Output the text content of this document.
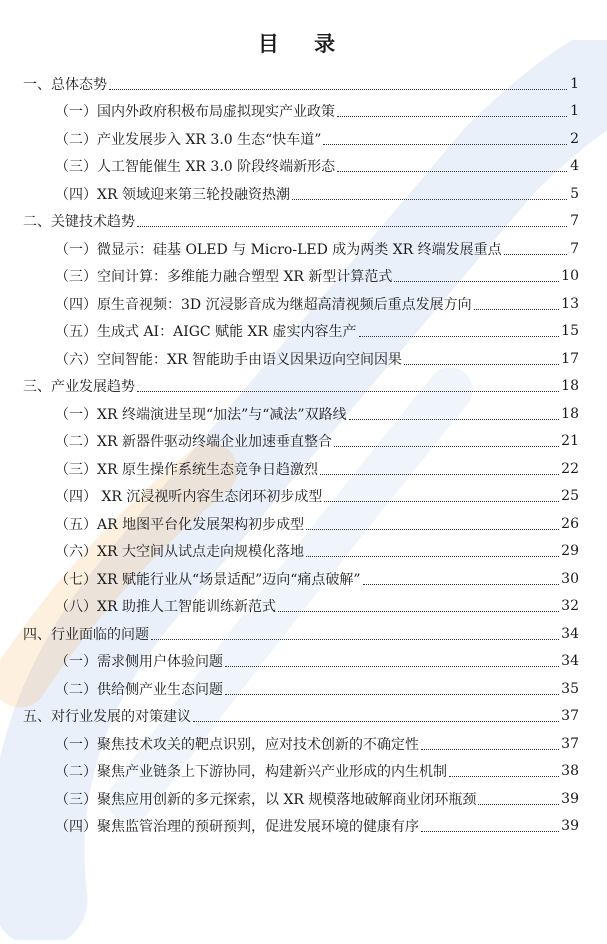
目 录
一、总体态势	1
（一）国内外政府积极布局虚拟现实产业政策	1
（二）产业发展步入 XR 3.0 生态“快车道”	2
（三）人工智能催生 XR 3.0 阶段终端新形态	4
（四）XR 领域迎来第三轮投融资热潮	5
二、关键技术趋势	7
（一）微显示：硅基 OLED 与 Micro-LED 成为两类 XR 终端发展重点	7
（三）空间计算：多维能力融合塑型 XR 新型计算范式	10
（四）原生音视频：3D 沉浸影音成为继超高清视频后重点发展方向	13
（五）生成式 AI：AIGC 赋能 XR 虚实内容生产	15
（六）空间智能：XR 智能助手由语义因果迈向空间因果	17
三、产业发展趋势	18
（一）XR 终端演进呈现“加法”与“减法”双路线	18
（二）XR 新器件驱动终端企业加速垂直整合	21
（三）XR 原生操作系统生态竞争日趋激烈	22
（四） XR 沉浸视听内容生态闭环初步成型	25
（五）AR 地图平台化发展架构初步成型	26
（六）XR 大空间从试点走向规模化落地	29
（七）XR 赋能行业从“场景适配”迈向“痛点破解”	30
（八）XR 助推人工智能训练新范式	32
四、行业面临的问题	34
（一）需求侧用户体验问题	34
（二）供给侧产业生态问题	35
五、对行业发展的对策建议	37
（一）聚焦技术攻关的靶点识别，应对技术创新的不确定性	37
（二）聚焦产业链条上下游协同，构建新兴产业形成的内生机制	38
（三）聚焦应用创新的多元探索，以 XR 规模落地破解商业闭环瓶颈	39
（四）聚焦监管治理的预研预判，促进发展环境的健康有序	39
